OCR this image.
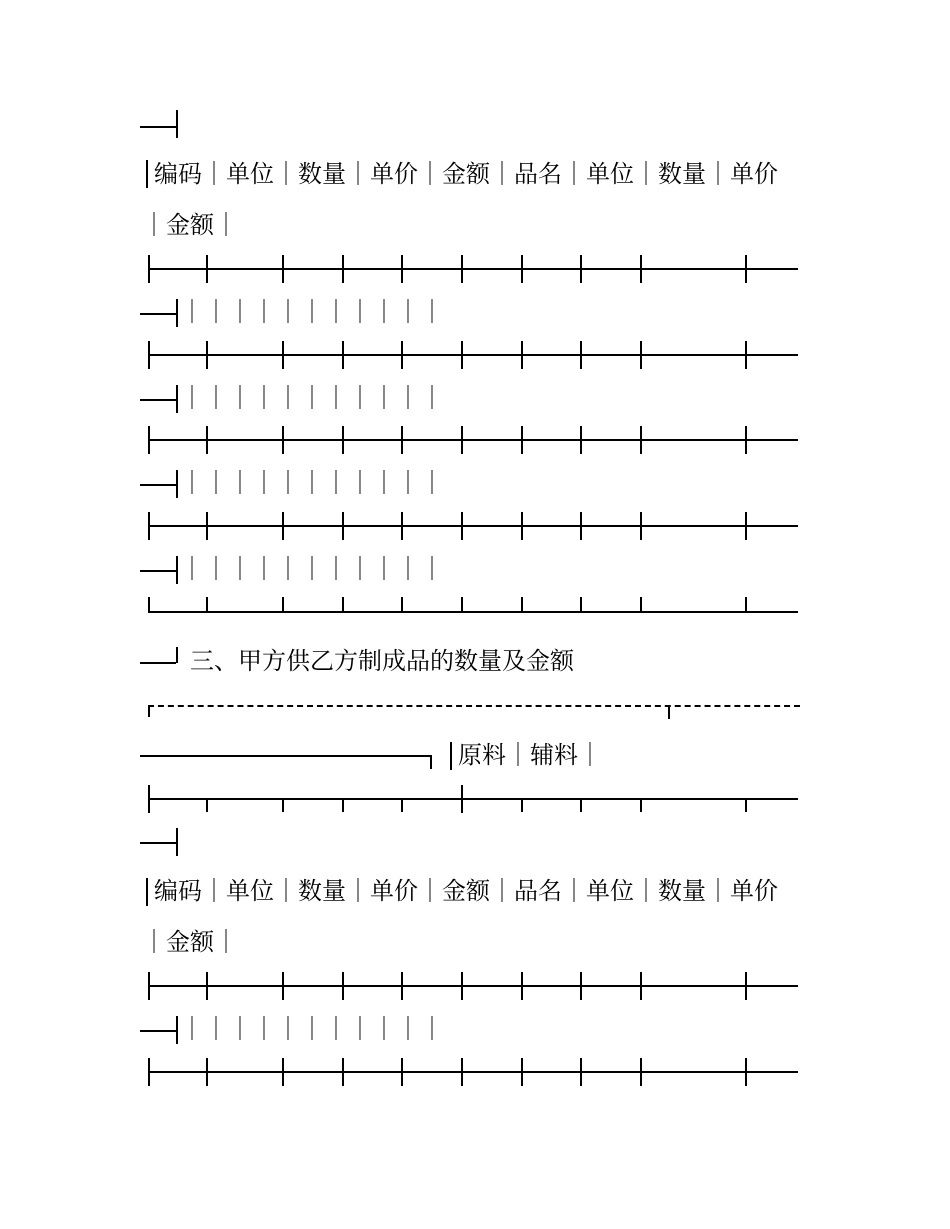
编码｜单位｜数量｜单价｜金额｜品名｜单位｜数量｜单价
｜金额｜
｜｜｜｜｜｜｜｜｜｜｜
｜｜｜｜｜｜｜｜｜｜｜
｜｜｜｜｜｜｜｜｜｜｜
｜｜｜｜｜｜｜｜｜｜｜
三、甲方供乙方制成品的数量及金额
原料｜辅料｜
编码｜单位｜数量｜单价｜金额｜品名｜单位｜数量｜单价
｜金额｜
｜｜｜｜｜｜｜｜｜｜｜
